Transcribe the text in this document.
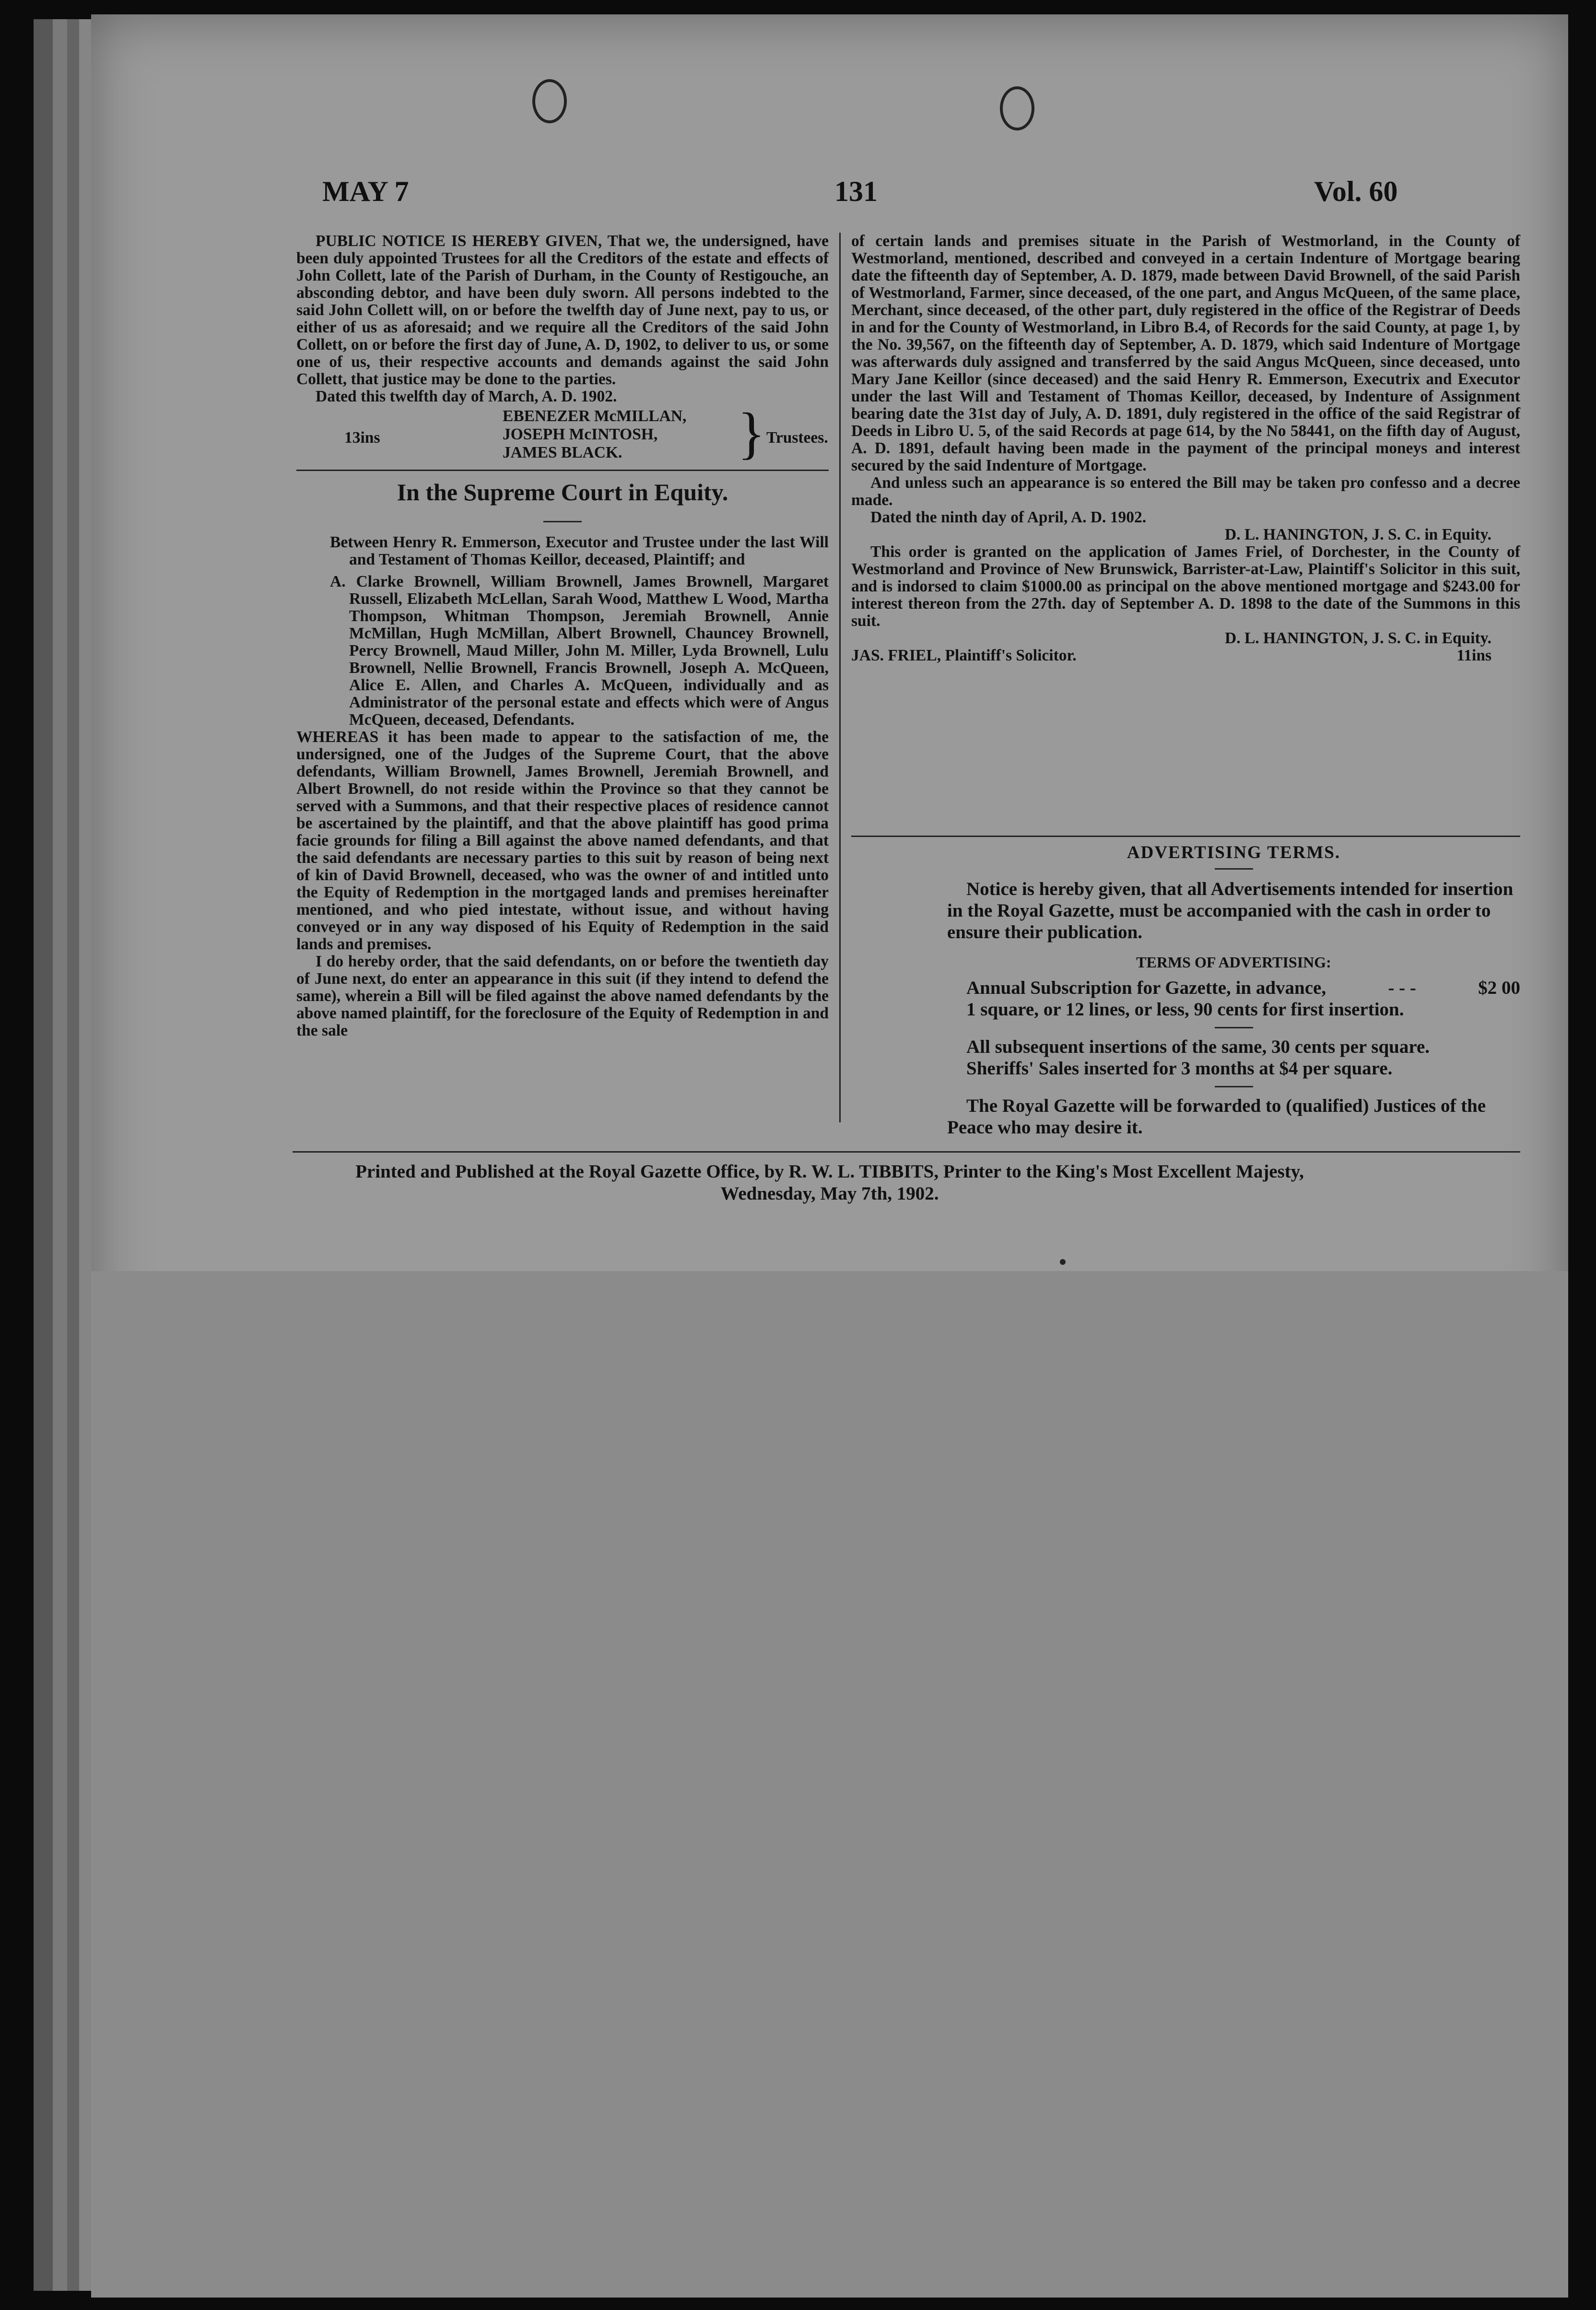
MAY 7	131	Vol. 60

PUBLIC NOTICE IS HEREBY GIVEN, That we, the undersigned, have been duly appointed Trustees for all the Creditors of the estate and effects of John Collett, late of the Parish of Durham, in the County of Restigouche, an absconding debtor, and have been duly sworn. All persons indebted to the said John Collett will, on or before the twelfth day of June next, pay to us, or either of us as aforesaid; and we require all the Creditors of the said John Collett, on or before the first day of June, A. D, 1902, to deliver to us, or some one of us, their respective accounts and demands against the said John Collett, that justice may be done to the parties.

Dated this twelfth day of March, A. D. 1902.

13ins
EBENEZER McMILLAN,
JOSEPH McINTOSH,
JAMES BLACK.	} Trustees.
In the Supreme Court in Equity.

Between Henry R. Emmerson, Executor and Trustee under the last Will and Testament of Thomas Keillor, deceased, Plaintiff; and

A. Clarke Brownell, William Brownell, James Brownell, Margaret Russell, Elizabeth McLellan, Sarah Wood, Matthew L Wood, Martha Thompson, Whitman Thompson, Jeremiah Brownell, Annie McMillan, Hugh McMillan, Albert Brownell, Chauncey Brownell, Percy Brownell, Maud Miller, John M. Miller, Lyda Brownell, Lulu Brownell, Nellie Brownell, Francis Brownell, Joseph A. McQueen, Alice E. Allen, and Charles A. McQueen, individually and as Administrator of the personal estate and effects which were of Angus McQueen, deceased, Defendants.

WHEREAS it has been made to appear to the satisfaction of me, the undersigned, one of the Judges of the Supreme Court, that the above defendants, William Brownell, James Brownell, Jeremiah Brownell, and Albert Brownell, do not reside within the Province so that they cannot be served with a Summons, and that their respective places of residence cannot be ascertained by the plaintiff, and that the above plaintiff has good prima facie grounds for filing a Bill against the above named defendants, and that the said defendants are necessary parties to this suit by reason of being next of kin of David Brownell, deceased, who was the owner of and intitled unto the Equity of Redemption in the mortgaged lands and premises hereinafter mentioned, and who pied intestate, without issue, and without having conveyed or in any way disposed of his Equity of Redemption in the said lands and premises.

I do hereby order, that the said defendants, on or before the twentieth day of June next, do enter an appearance in this suit (if they intend to defend the same), wherein a Bill will be filed against the above named defendants by the above named plaintiff, for the foreclosure of the Equity of Redemption in and the sale

of certain lands and premises situate in the Parish of Westmorland, in the County of Westmorland, mentioned, described and conveyed in a certain Indenture of Mortgage bearing date the fifteenth day of September, A. D. 1879, made between David Brownell, of the said Parish of Westmorland, Farmer, since deceased, of the one part, and Angus McQueen, of the same place, Merchant, since deceased, of the other part, duly registered in the office of the Registrar of Deeds in and for the County of Westmorland, in Libro B.4, of Records for the said County, at page 1, by the No. 39,567, on the fifteenth day of September, A. D. 1879, which said Indenture of Mortgage was afterwards duly assigned and transferred by the said Angus McQueen, since deceased, unto Mary Jane Keillor (since deceased) and the said Henry R. Emmerson, Executrix and Executor under the last Will and Testament of Thomas Keillor, deceased, by Indenture of Assignment bearing date the 31st day of July, A. D. 1891, duly registered in the office of the said Registrar of Deeds in Libro U. 5, of the said Records at page 614, by the No 58441, on the fifth day of August, A. D. 1891, default having been made in the payment of the principal moneys and interest secured by the said Indenture of Mortgage.

And unless such an appearance is so entered the Bill may be taken pro confesso and a decree made.

Dated the ninth day of April, A. D. 1902.

D. L. HANINGTON, J. S. C. in Equity.

This order is granted on the application of James Friel, of Dorchester, in the County of Westmorland and Province of New Brunswick, Barrister-at-Law, Plaintiff's Solicitor in this suit, and is indorsed to claim $1000.00 as principal on the above mentioned mortgage and $243.00 for interest thereon from the 27th. day of September A. D. 1898 to the date of the Summons in this suit.

D. L. HANINGTON, J. S. C. in Equity.

JAS. FRIEL, Plaintiff's Solicitor.	11ins

ADVERTISING TERMS.

Notice is hereby given, that all Advertisements intended for insertion in the Royal Gazette, must be accompanied with the cash in order to ensure their publication.

TERMS OF ADVERTISING:

Annual Subscription for Gazette, in advance,	- - -	$2 00

1 square, or 12 lines, or less, 90 cents for first insertion.

All subsequent insertions of the same, 30 cents per square.

Sheriffs' Sales inserted for 3 months at $4 per square.

The Royal Gazette will be forwarded to (qualified) Justices of the Peace who may desire it.

Printed and Published at the Royal Gazette Office, by R. W. L. TIBBITS, Printer to the King's Most Excellent Majesty,
Wednesday, May 7th, 1902.
